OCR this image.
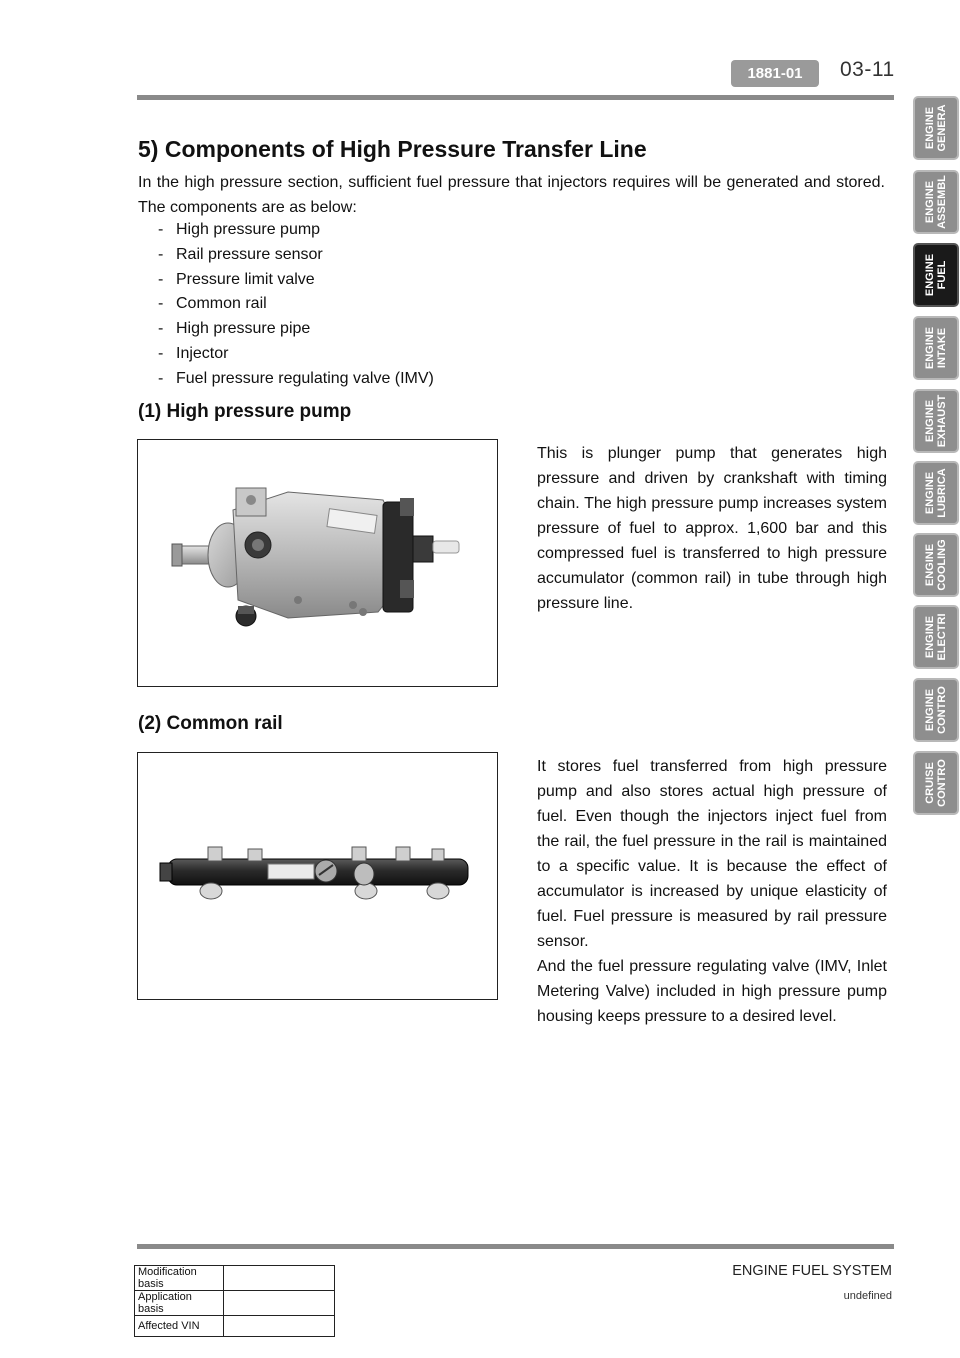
1881-01	03-11
ENGINE
GENERA
ENGINE
ASSEMBL
ENGINE
FUEL
ENGINE
INTAKE
ENGINE
EXHAUST
ENGINE
LUBRICA
ENGINE
COOLING
ENGINE
ELECTRI
ENGINE
CONTRO
CRUISE
CONTRO
5) Components of High Pressure Transfer Line

In the high pressure section, sufficient fuel pressure that injectors requires will be generated and stored. The components are as below:

- High pressure pump
- Rail pressure sensor
- Pressure limit valve
- Common rail
- High pressure pipe
- Injector
- Fuel pressure regulating valve (IMV)
(1) High pressure pump

This is plunger pump that generates high pressure and driven by crankshaft with timing chain. The high pressure pump increases system pressure of fuel to approx. 1,600 bar and this compressed fuel is transferred to high pressure accumulator (common rail) in tube through high pressure line.

(2) Common rail

It stores fuel transferred from high pressure pump and also stores actual high pressure of fuel. Even though the injectors inject fuel from the rail, the fuel pressure in the rail is maintained to a specific value. It is because the effect of accumulator is increased by unique elasticity of fuel. Fuel pressure is measured by rail pressure sensor.

And the fuel pressure regulating valve (IMV, Inlet Metering Valve) included in high pressure pump housing keeps pressure to a desired level.

ENGINE FUEL SYSTEM
undefined
Modification basis	
Application basis	
Affected VIN	
